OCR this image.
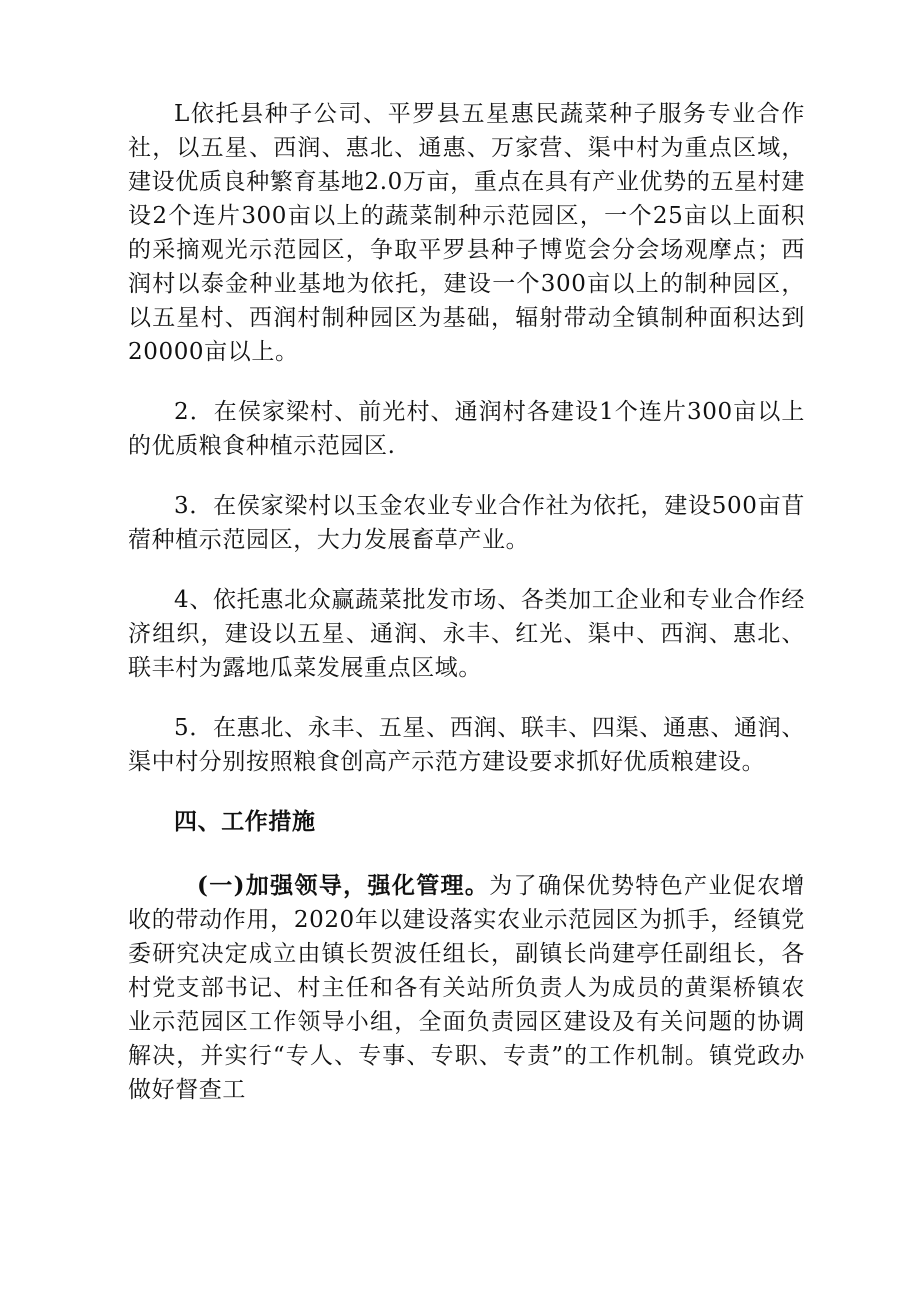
L依托县种子公司、平罗县五星惠民蔬菜种子服务专业合作社，以五星、西润、惠北、通惠、万家营、渠中村为重点区域，建设优质良种繁育基地2.0万亩，重点在具有产业优势的五星村建设2个连片300亩以上的蔬菜制种示范园区，一个25亩以上面积的采摘观光示范园区，争取平罗县种子博览会分会场观摩点；西润村以泰金种业基地为依托，建设一个300亩以上的制种园区，以五星村、西润村制种园区为基础，辐射带动全镇制种面积达到20000亩以上。

2．在侯家梁村、前光村、通润村各建设1个连片300亩以上的优质粮食种植示范园区.

3．在侯家梁村以玉金农业专业合作社为依托，建设500亩苜蓿种植示范园区，大力发展畜草产业。

4、依托惠北众赢蔬菜批发市场、各类加工企业和专业合作经济组织，建设以五星、通润、永丰、红光、渠中、西润、惠北、联丰村为露地瓜菜发展重点区域。

5．在惠北、永丰、五星、西润、联丰、四渠、通惠、通润、渠中村分别按照粮食创高产示范方建设要求抓好优质粮建设。

四、工作措施

(一)加强领导，强化管理。为了确保优势特色产业促农增收的带动作用，2020年以建设落实农业示范园区为抓手，经镇党委研究决定成立由镇长贺波任组长，副镇长尚建亭任副组长，各村党支部书记、村主任和各有关站所负责人为成员的黄渠桥镇农业示范园区工作领导小组，全面负责园区建设及有关问题的协调解决，并实行“专人、专事、专职、专责”的工作机制。镇党政办做好督查工
